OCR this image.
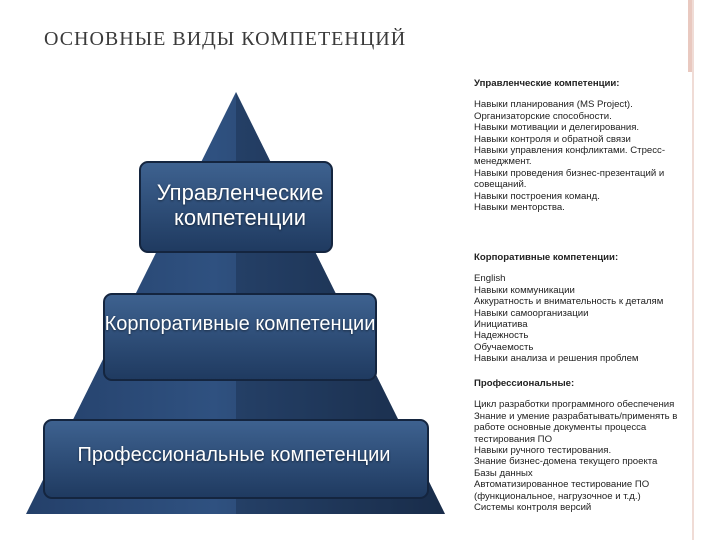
ОСНОВНЫЕ ВИДЫ КОМПЕТЕНЦИЙ
Управленческие компетенции
Корпоративные компетенции
Профессиональные компетенции
Управленческие компетенции:
Навыки планирования (MS Project).
Организаторские способности.
Навыки мотивации и делегирования.
Навыки контроля и обратной связи
Навыки управления конфликтами. Стресс-менеджмент.
Навыки проведения бизнес-презентаций и совещаний.
Навыки построения команд.
Навыки менторства.
Корпоративные компетенции:
English
Навыки коммуникации
Аккуратность и внимательность к деталям
Навыки самоорганизации
Инициатива
Надежность
Обучаемость
Навыки анализа и решения проблем
Профессиональные:
Цикл разработки программного обеспечения
Знание и умение разрабатывать/применять в работе основные документы процесса тестирования ПО
Навыки ручного тестирования.
Знание бизнес-домена текущего проекта
Базы данных
Автоматизированное тестирование ПО (функциональное, нагрузочное и т.д.)
Системы контроля версий
